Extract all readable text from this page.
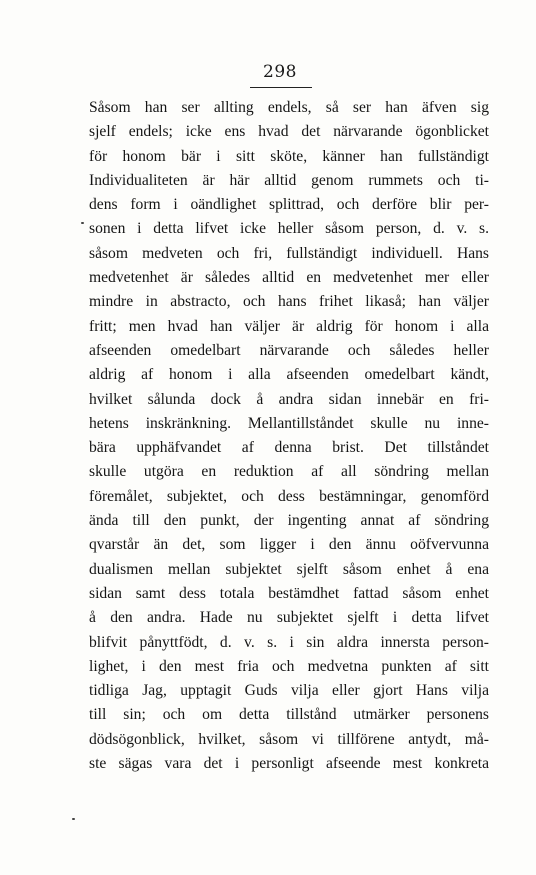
298
Såsom han ser allting endels, så ser han äfven sig
sjelf endels; icke ens hvad det närvarande ögonblicket
för honom bär i sitt sköte, känner han fullständigt
Individualiteten är här alltid genom rummets och ti-
dens form i oändlighet splittrad, och derföre blir per-
sonen i detta lifvet icke heller såsom person, d. v. s.
såsom medveten och fri, fullständigt individuell. Hans
medvetenhet är således alltid en medvetenhet mer eller
mindre in abstracto, och hans frihet likaså; han väljer
fritt; men hvad han väljer är aldrig för honom i alla
afseenden omedelbart närvarande och således heller
aldrig af honom i alla afseenden omedelbart kändt,
hvilket sålunda dock å andra sidan innebär en fri-
hetens inskränkning. Mellantillståndet skulle nu inne-
bära upphäfvandet af denna brist. Det tillståndet
skulle utgöra en reduktion af all söndring mellan
föremålet, subjektet, och dess bestämningar, genomförd
ända till den punkt, der ingenting annat af söndring
qvarstår än det, som ligger i den ännu oöfvervunna
dualismen mellan subjektet sjelft såsom enhet å ena
sidan samt dess totala bestämdhet fattad såsom enhet
å den andra. Hade nu subjektet sjelft i detta lifvet
blifvit pånyttfödt, d. v. s. i sin aldra innersta person-
lighet, i den mest fria och medvetna punkten af sitt
tidliga Jag, upptagit Guds vilja eller gjort Hans vilja
till sin; och om detta tillstånd utmärker personens
dödsögonblick, hvilket, såsom vi tillförene antydt, må-
ste sägas vara det i personligt afseende mest konkreta
